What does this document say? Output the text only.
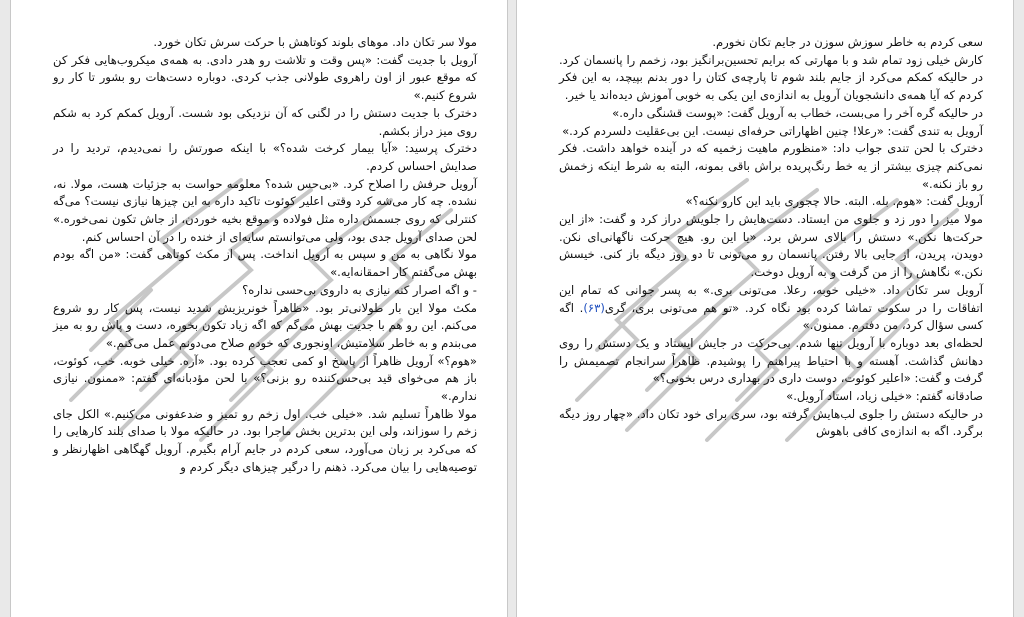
مولا سر تکان داد. موهای بلوند کوتاهش با حرکت سرش تکان خورد.

آرویل با جدیت گفت: «پس وقت و تلاشت رو هدر دادی. به همه‌ی میکروب‌هایی فکر کن که موقع عبور از اون راهروی طولانی جذب کردی. دوباره دست‌هات رو بشور تا کار رو شروع کنیم.»

دخترک با جدیت دستش را در لگنی که آن نزدیکی بود شست. آرویل کمکم کرد به شکم روی میز دراز بکشم.

دخترک پرسید: «آیا بیمار کرخت شده؟» با اینکه صورتش را نمی‌دیدم، تردید را در صدایش احساس کردم.

آرویل حرفش را اصلاح کرد. «بی‌حس شده؟ معلومه حواست به جزئیات هست، مولا. نه، نشده. چه کار می‌شه کرد وقتی اعلیر کوئوت تاکید داره به این چیزها نیازی نیست؟ می‌گه کنترلی که روی جسمش داره مثل فولاده و موقع بخیه خوردن، از جاش تکون نمی‌خوره.» لحن صدای آرویل جدی بود، ولی می‌توانستم سایه‌ای از خنده را در آن احساس کنم.

مولا نگاهی به من و سپس به آرویل انداخت. پس از مکث کوتاهی گفت: «من اگه بودم بهش می‌گفتم کار احمقانه‌ایه.»

- و اگه اصرار کنه نیازی به داروی بی‌حسی نداره؟

مکث مولا این بار طولانی‌تر بود. «ظاهراً خونریزیش شدید نیست، پس کار رو شروع می‌کنم. این رو هم با جدیت بهش می‌گم که اگه زیاد تکون بخوره، دست و پاش رو به میز می‌بندم و به خاطر سلامتیش، اونجوری که خودم صلاح می‌دونم عمل می‌کنم.»

«هوم؟» آرویل ظاهراً از پاسخ او کمی تعجب کرده بود. «آره. خیلی خوبه. خب، کوئوت، باز هم می‌خوای قید بی‌حس‌کننده رو بزنی؟» با لحن مؤدبانه‌ای گفتم: «ممنون. نیازی ندارم.»

مولا ظاهراً تسلیم شد. «خیلی خب. اول زخم رو تمیز و ضدعفونی می‌کنیم.» الکل جای زخم را سوزاند، ولی این بدترین بخش ماجرا بود. در حالیکه مولا با صدای بلند کارهایی را که می‌کرد بر زبان می‌آورد، سعی کردم در جایم آرام بگیرم. آرویل گهگاهی اظهارنظر و توصیه‌هایی را بیان می‌کرد. ذهنم را درگیر چیزهای دیگر کردم و

سعی کردم به خاطر سوزش سوزن در جایم تکان نخورم.

کارش خیلی زود تمام شد و با مهارتی که برایم تحسین‌برانگیز بود، زخمم را پانسمان کرد. در حالیکه کمکم می‌کرد از جایم بلند شوم تا پارچه‌ی کتان را دور بدنم بپیچد، به این فکر کردم که آیا همه‌ی دانشجویان آرویل به اندازه‌ی این یکی به خوبی آموزش دیده‌اند یا خیر.

در حالیکه گره آخر را می‌بست، خطاب به آرویل گفت: «پوست قشنگی داره.»

آرویل به تندی گفت: «رعلا! چنین اظهاراتی حرفه‌ای نیست. این بی‌عقلیت دلسردم کرد.»

دخترک با لحن تندی جواب داد: «منظورم ماهیت زخمیه که در آینده خواهد داشت. فکر نمی‌کنم چیزی بیشتر از یه خط رنگ‌پریده براش باقی بمونه، البته به شرط اینکه زخمش رو باز نکنه.»

آرویل گفت: «هوم. بله. البته. حالا چجوری باید این کارو نکنه؟»

مولا میز را دور زد و جلوی من ایستاد. دست‌هایش را جلویش دراز کرد و گفت: «از این حرکت‌ها نکن.» دستش را بالای سرش برد. «یا این رو. هیچ حرکت ناگهانی‌ای نکن. دویدن، پریدن، از جایی بالا رفتن. پانسمان رو می‌تونی تا دو روز دیگه باز کنی. خیسش نکن.» نگاهش را از من گرفت و به آرویل دوخت.

آرویل سر تکان داد. «خیلی خوبه، رعلا. می‌تونی بری.» به پسر جوانی که تمام این اتفاقات را در سکوت تماشا کرده بود نگاه کرد. «تو هم می‌تونی بری، گری(۶۳). اگه کسی سؤال کرد، من دفترم. ممنون.»

لحظه‌ای بعد دوباره با آرویل تنها شدم. بی‌حرکت در جایش ایستاد و یک دستش را روی دهانش گذاشت. آهسته و با احتیاط پیراهنم را پوشیدم. ظاهراً سرانجام تصمیمش را گرفت و گفت: «اعلیر کوئوت، دوست داری در بهداری درس بخونی؟»

صادقانه گفتم: «خیلی زیاد، استاد آرویل.»

در حالیکه دستش را جلوی لب‌هایش گرفته بود، سری برای خود تکان داد. «چهار روز دیگه برگرد. اگه به اندازه‌ی کافی باهوش
